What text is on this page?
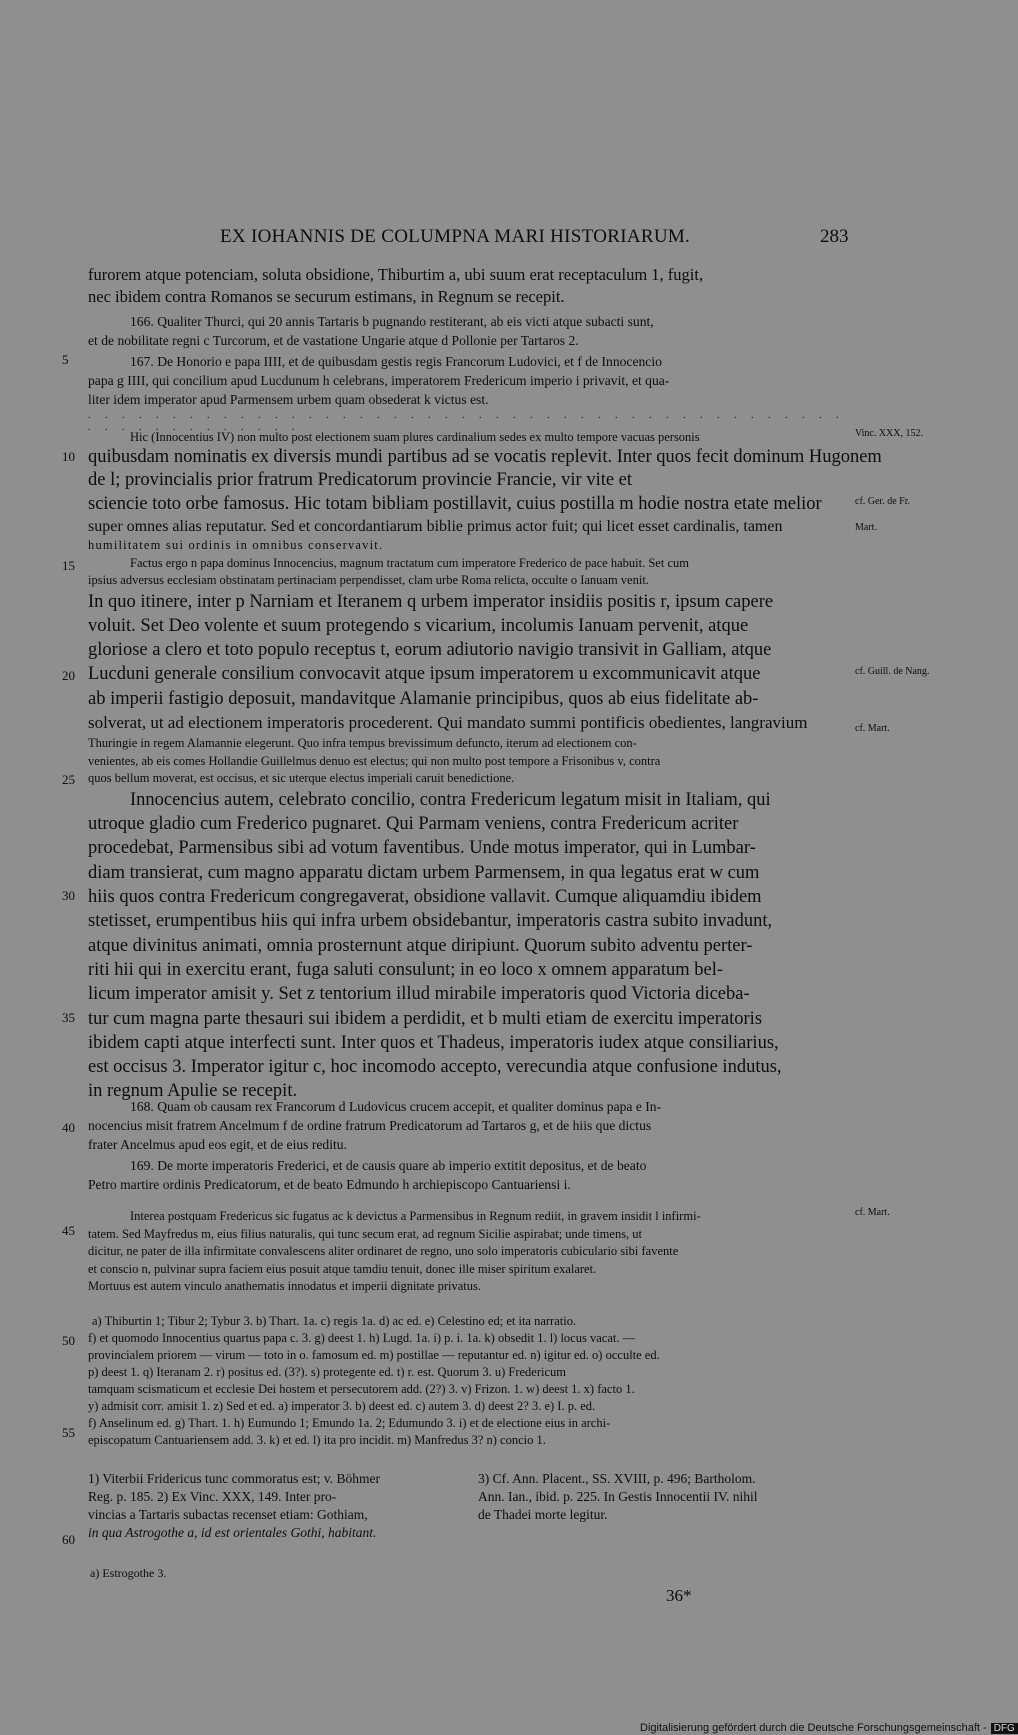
EX IOHANNIS DE COLUMPNA MARI HISTORIARUM.	283
5
10
15
20
25
30
35
40
45
50
55
60
Vinc. XXX, 152.
cf. Ger. de Fr.
Mart.
cf. Guill. de Nang.
cf. Mart.
cf. Mart.
furorem atque potenciam, soluta obsidione, Thiburtim a, ubi suum erat receptaculum 1, fugit,
nec ibidem contra Romanos se securum estimans, in Regnum se recepit.
166. Qualiter Thurci, qui 20 annis Tartaris b pugnando restiterant, ab eis victi atque subacti sunt,
et de nobilitate regni c Turcorum, et de vastatione Ungarie atque d Pollonie per Tartaros 2.
167. De Honorio e papa IIII, et de quibusdam gestis regis Francorum Ludovici, et f de Innocencio
papa g IIII, qui concilium apud Lucdunum h celebrans, imperatorem Fredericum imperio i privavit, et qua-
liter idem imperator apud Parmensem urbem quam obsederat k victus est.
. . . . . . . . . . . . . . . . . . . . . . . . . . . . . . . . . . . . . . . . . . . . . . . . . . . . . . . . . .
Hic (Innocentius IV) non multo post electionem suam plures cardinalium sedes ex multo tempore vacuas personis
quibusdam nominatis ex diversis mundi partibus ad se vocatis replevit. Inter quos fecit dominum Hugonem
de l; provincialis prior fratrum Predicatorum provincie Francie, vir vite et
sciencie toto orbe famosus. Hic totam bibliam postillavit, cuius postilla m hodie nostra etate melior
super omnes alias reputatur. Sed et concordantiarum biblie primus actor fuit; qui licet esset cardinalis, tamen
humilitatem sui ordinis in omnibus conservavit.
Factus ergo n papa dominus Innocencius, magnum tractatum cum imperatore Frederico de pace habuit. Set cum
ipsius adversus ecclesiam obstinatam pertinaciam perpendisset, clam urbe Roma relicta, occulte o Ianuam venit.
In quo itinere, inter p Narniam et Iteranem q urbem imperator insidiis positis r, ipsum capere
voluit. Set Deo volente et suum protegendo s vicarium, incolumis Ianuam pervenit, atque
gloriose a clero et toto populo receptus t, eorum adiutorio navigio transivit in Galliam, atque
Lucduni generale consilium convocavit atque ipsum imperatorem u excommunicavit atque
ab imperii fastigio deposuit, mandavitque Alamanie principibus, quos ab eius fidelitate ab-
solverat, ut ad electionem imperatoris procederent. Qui mandato summi pontificis obedientes, langravium
Thuringie in regem Alamannie elegerunt. Quo infra tempus brevissimum defuncto, iterum ad electionem con-
venientes, ab eis comes Hollandie Guillelmus denuo est electus; qui non multo post tempore a Frisonibus v, contra
quos bellum moverat, est occisus, et sic uterque electus imperiali caruit benedictione.
Innocencius autem, celebrato concilio, contra Fredericum legatum misit in Italiam, qui
utroque gladio cum Frederico pugnaret. Qui Parmam veniens, contra Fredericum acriter
procedebat, Parmensibus sibi ad votum faventibus. Unde motus imperator, qui in Lumbar-
diam transierat, cum magno apparatu dictam urbem Parmensem, in qua legatus erat w cum
hiis quos contra Fredericum congregaverat, obsidione vallavit. Cumque aliquamdiu ibidem
stetisset, erumpentibus hiis qui infra urbem obsidebantur, imperatoris castra subito invadunt,
atque divinitus animati, omnia prosternunt atque diripiunt. Quorum subito adventu perter-
riti hii qui in exercitu erant, fuga saluti consulunt; in eo loco x omnem apparatum bel-
licum imperator amisit y. Set z tentorium illud mirabile imperatoris quod Victoria diceba-
tur cum magna parte thesauri sui ibidem a perdidit, et b multi etiam de exercitu imperatoris
ibidem capti atque interfecti sunt. Inter quos et Thadeus, imperatoris iudex atque consiliarius,
est occisus 3. Imperator igitur c, hoc incomodo accepto, verecundia atque confusione indutus,
in regnum Apulie se recepit.
168. Quam ob causam rex Francorum d Ludovicus crucem accepit, et qualiter dominus papa e In-
nocencius misit fratrem Ancelmum f de ordine fratrum Predicatorum ad Tartaros g, et de hiis que dictus
frater Ancelmus apud eos egit, et de eius reditu.
169. De morte imperatoris Frederici, et de causis quare ab imperio extitit depositus, et de beato
Petro martire ordinis Predicatorum, et de beato Edmundo h archiepiscopo Cantuariensi i.
Interea postquam Fredericus sic fugatus ac k devictus a Parmensibus in Regnum rediit, in gravem insidit l infirmi-
tatem. Sed Mayfredus m, eius filius naturalis, qui tunc secum erat, ad regnum Sicilie aspirabat; unde timens, ut
dicitur, ne pater de illa infirmitate convalescens aliter ordinaret de regno, uno solo imperatoris cubiculario sibi favente
et conscio n, pulvinar supra faciem eius posuit atque tamdiu tenuit, donec ille miser spiritum exalaret.
Mortuus est autem vinculo anathematis innodatus et imperii dignitate privatus.
a) Thiburtin 1; Tibur 2; Tybur 3. b) Thart. 1a. c) regis 1a. d) ac ed. e) Celestino ed; et ita narratio.
f) et quomodo Innocentius quartus papa c. 3. g) deest 1. h) Lugd. 1a. i) p. i. 1a. k) obsedit 1. l) locus vacat. —
provincialem priorem — virum — toto in o. famosum ed. m) postillae — reputantur ed. n) igitur ed. o) occulte ed.
p) deest 1. q) Iteranam 2. r) positus ed. (3?). s) protegente ed. t) r. est. Quorum 3. u) Fredericum
tamquam scismaticum et ecclesie Dei hostem et persecutorem add. (2?) 3. v) Frizon. 1. w) deest 1. x) facto 1.
y) admisit corr. amisit 1. z) Sed et ed. a) imperator 3. b) deest ed. c) autem 3. d) deest 2? 3. e) I. p. ed.
f) Anselinum ed. g) Thart. 1. h) Eumundo 1; Emundo 1a. 2; Edumundo 3. i) et de electione eius in archi-
episcopatum Cantuariensem add. 3. k) et ed. l) ita pro incidit. m) Manfredus 3? n) concio 1.
1) Viterbii Fridericus tunc commoratus est; v. Böhmer
Reg. p. 185. 2) Ex Vinc. XXX, 149. Inter pro-
vincias a Tartaris subactas recenset etiam: Gothiam,
in qua Astrogothe a, id est orientales Gothi, habitant.
3) Cf. Ann. Placent., SS. XVIII, p. 496; Bartholom.
Ann. Ian., ibid. p. 225. In Gestis Innocentii IV. nihil
de Thadei morte legitur.
a) Estrogothe 3.
36*
Digitalisierung gefördert durch die Deutsche Forschungsgemeinschaft - DFG
